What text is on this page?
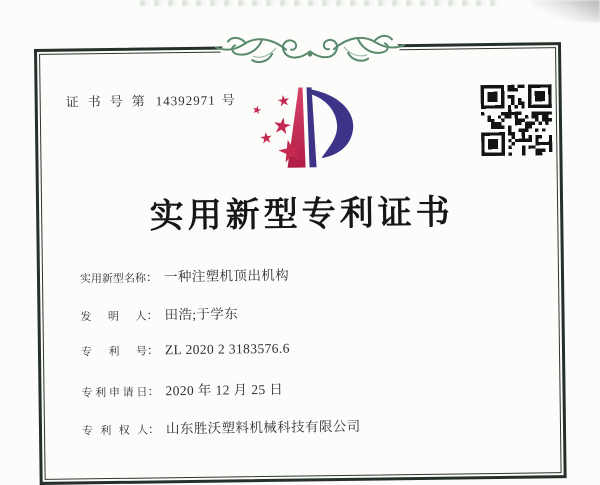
证书号第 14392971 号
★
★
★
★
★
实用新型专利证书
实用新型名称： 一种注塑机顶出机构
发明人： 田浩;于学东
专利号： ZL 2020 2 3183576.6
专利申请日： 2020 年 12 月 25 日
专利权人： 山东胜沃塑料机械科技有限公司
